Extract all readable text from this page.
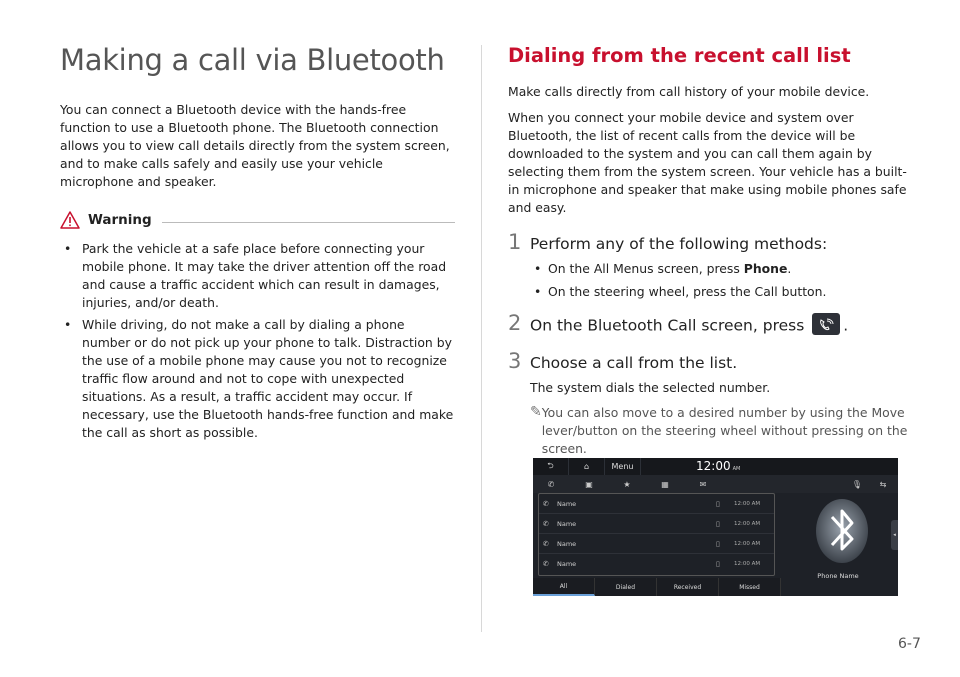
Making a call via Bluetooth

You can connect a Bluetooth device with the hands-free function to use a Bluetooth phone. The Bluetooth connection allows you to view call details directly from the system screen, and to make calls safely and easily use your vehicle microphone and speaker.

Warning
• Park the vehicle at a safe place before connecting your mobile phone. It may take the driver attention off the road and cause a traffic accident which can result in damages, injuries, and/or death.
• While driving, do not make a call by dialing a phone number or do not pick up your phone to talk. Distraction by the use of a mobile phone may cause you not to recognize traffic flow around and not to cope with unexpected situations. As a result, a traffic accident may occur. If necessary, use the Bluetooth hands-free function and make the call as short as possible.
Dialing from the recent call list

Make calls directly from call history of your mobile device.

When you connect your mobile device and system over Bluetooth, the list of recent calls from the device will be downloaded to the system and you can call them again by selecting them from the system screen. Your vehicle has a built-in microphone and speaker that make using mobile phones safe and easy.

1 Perform any of the following methods:
• On the All Menus screen, press Phone.
• On the steering wheel, press the Call button.
2 On the Bluetooth Call screen, press	.
3 Choose a call from the list.

The system dials the selected number.

✎ You can also move to a desired number by using the Move lever/button on the steering wheel without pressing on the screen.
⮌	⌂	Menu	12:00 AM
✆	▣	★	▦	✉	🎙	⇆
✆	Name	▯	12:00 AM
✆	Name	▯	12:00 AM
✆	Name	▯	12:00 AM
✆	Name	▯	12:00 AM
All	Dialed	Received	Missed
Phone Name
◂
6-7
